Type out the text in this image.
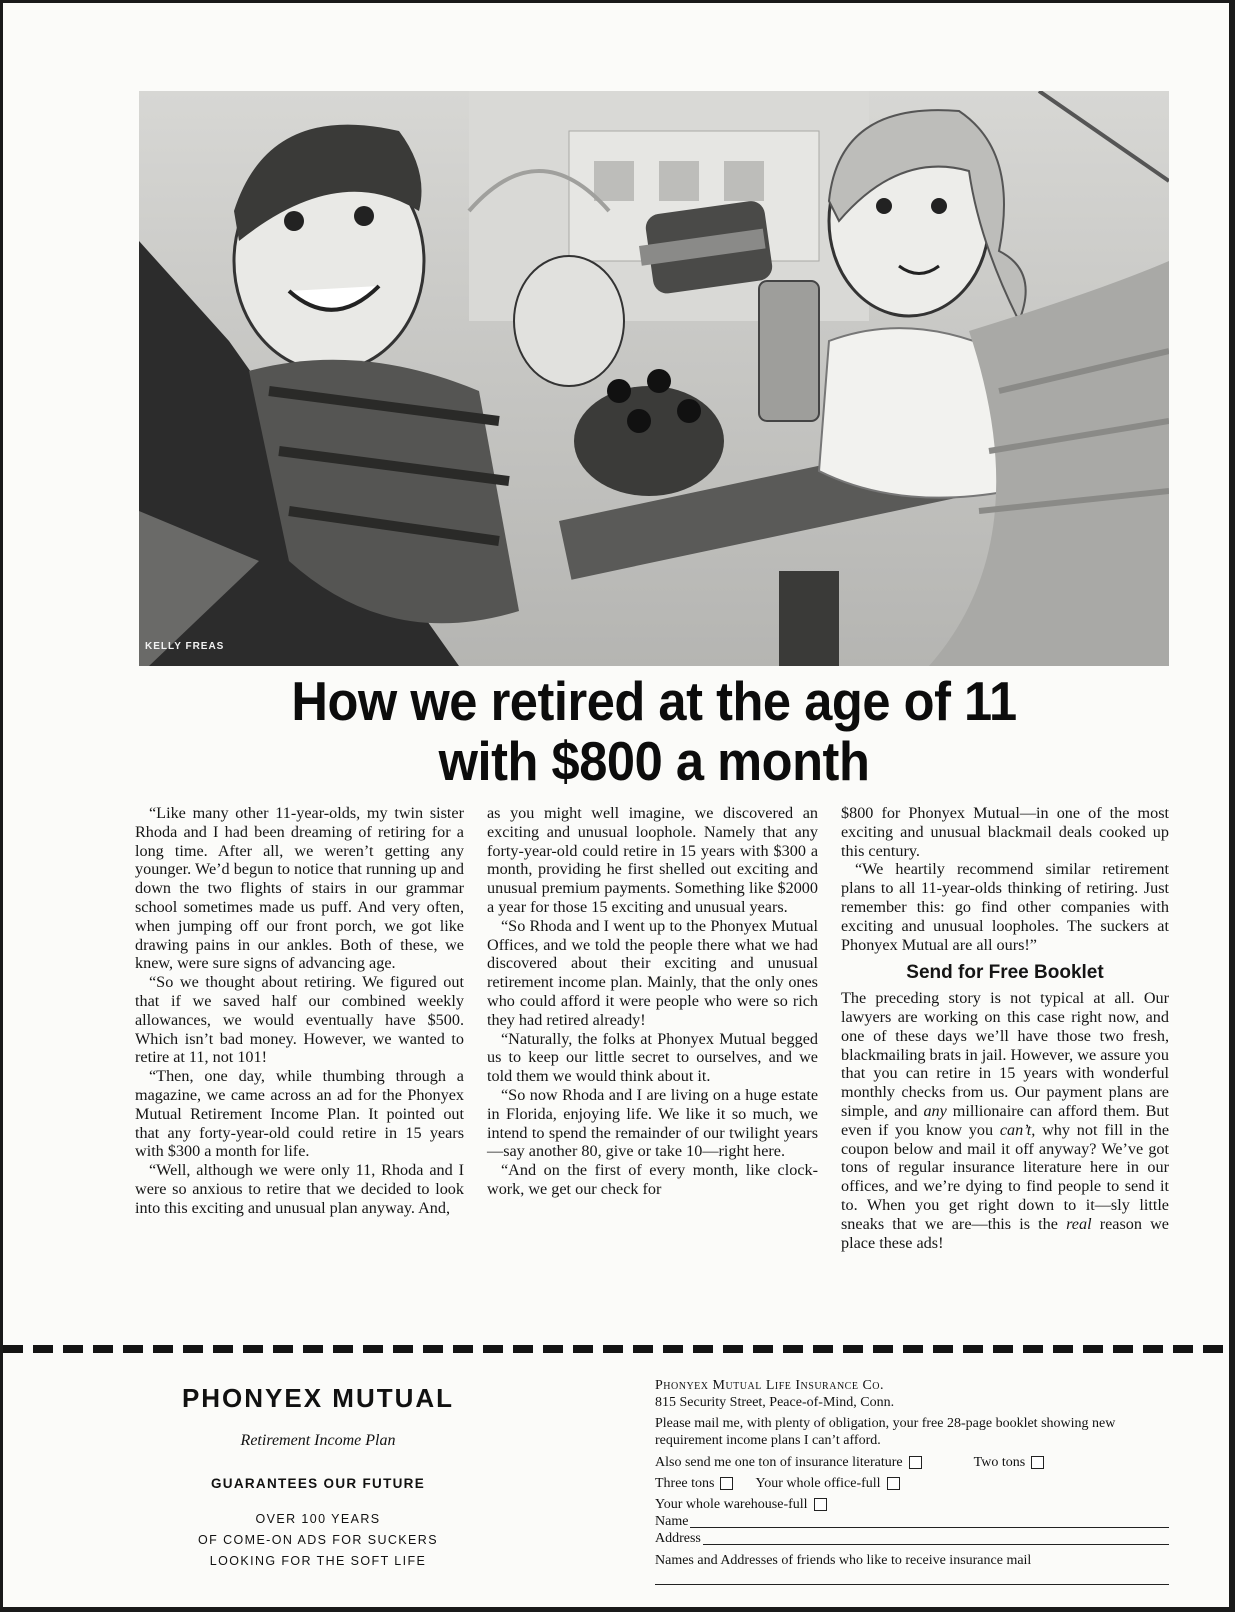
KELLY FREAS
How we retired at the age of 11
with $800 a month

“Like many other 11-year-olds, my twin sister Rhoda and I had been dreaming of retiring for a long time. After all, we weren’t getting any younger. We’d begun to notice that running up and down the two flights of stairs in our grammar school sometimes made us puff. And very often, when jumping off our front porch, we got like drawing pains in our ankles. Both of these, we knew, were sure signs of advancing age.

“So we thought about retiring. We figured out that if we saved half our combined weekly allowances, we would eventually have $500. Which isn’t bad money. However, we wanted to retire at 11, not 101!

“Then, one day, while thumbing through a magazine, we came across an ad for the Phonyex Mutual Retirement Income Plan. It pointed out that any forty-year-old could retire in 15 years with $300 a month for life.

“Well, although we were only 11, Rhoda and I were so anxious to retire that we decided to look into this exciting and unusual plan anyway. And,

as you might well imagine, we discovered an exciting and unusual loophole. Namely that any forty-year-old could retire in 15 years with $300 a month, providing he first shelled out exciting and unusual premium payments. Something like $2000 a year for those 15 exciting and unusual years.

“So Rhoda and I went up to the Phonyex Mutual Offices, and we told the people there what we had discovered about their exciting and unusual retirement income plan. Mainly, that the only ones who could afford it were people who were so rich they had retired already!

“Naturally, the folks at Phonyex Mutual begged us to keep our little secret to ourselves, and we told them we would think about it.

“So now Rhoda and I are living on a huge estate in Florida, enjoying life. We like it so much, we intend to spend the remainder of our twilight years—say another 80, give or take 10—right here.

“And on the first of every month, like clock-work, we get our check for

$800 for Phonyex Mutual—in one of the most exciting and unusual blackmail deals cooked up this century.

“We heartily recommend similar retirement plans to all 11-year-olds thinking of retiring. Just remember this: go find other companies with exciting and unusual loopholes. The suckers at Phonyex Mutual are all ours!”

Send for Free Booklet

The preceding story is not typical at all. Our lawyers are working on this case right now, and one of these days we’ll have those two fresh, blackmailing brats in jail. However, we assure you that you can retire in 15 years with wonderful monthly checks from us. Our payment plans are simple, and any millionaire can afford them. But even if you know you can’t, why not fill in the coupon below and mail it off anyway? We’ve got tons of regular insurance literature here in our offices, and we’re dying to find people to send it to. When you get right down to it—sly little sneaks that we are—this is the real reason we place these ads!

PHONYEX MUTUAL
Retirement Income Plan
GUARANTEES OUR FUTURE
OVER 100 YEARS
OF COME-ON ADS FOR SUCKERS
LOOKING FOR THE SOFT LIFE
Phonyex Mutual Life Insurance Co.
815 Security Street, Peace-of-Mind, Conn.
Please mail me, with plenty of obligation, your free 28-page booklet showing new requirement income plans I can’t afford.
Also send me one ton of insurance literature	Two tons
Three tons	Your whole office-full
Your whole warehouse-full
Name
Address
Names and Addresses of friends who like to receive insurance mail
